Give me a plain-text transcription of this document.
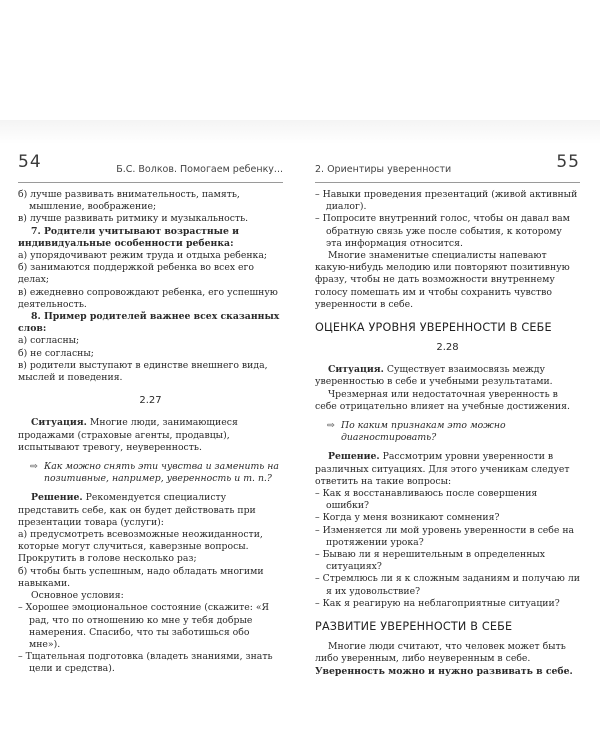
54	Б.С. Волков. Помогаем ребенку...

б) лучше развивать внимательность, память, мышление, воображение;

в) лучше развивать ритмику и музыкальность.

7. Родители учитывают возрастные и индивидуальные особенности ребенка:

а) упорядочивают режим труда и отдыха ребенка;

б) занимаются поддержкой ребенка во всех его делах;

в) ежедневно сопровождают ребенка, его успешную деятельность.

8. Пример родителей важнее всех сказанных слов:

а) согласны;

б) не согласны;

в) родители выступают в единстве внешнего вида, мыслей и поведения.

2.27

Ситуация. Многие люди, занимающиеся продажами (страховые агенты, продавцы), испытывают тревогу, неуверенность.

⇨ Как можно снять эти чувства и заменить на позитивные, например, уверенность и т. п.?

Решение. Рекомендуется специалисту представить себе, как он будет действовать при презентации товара (услуги):

а) предусмотреть всевозможные неожиданности, которые могут случиться, каверзные вопросы. Прокрутить в голове несколько раз;

б) чтобы быть успешным, надо обладать многими навыками.

Основное условия:

– Хорошее эмоциональное состояние (скажите: «Я рад, что по отношению ко мне у тебя добрые намерения. Спасибо, что ты заботишься обо мне»).

– Тщательная подготовка (владеть знаниями, знать цели и средства).

2. Ориентиры уверенности	55

– Навыки проведения презентаций (живой активный диалог).

– Попросите внутренний голос, чтобы он давал вам обратную связь уже после события, к которому эта информация относится.

Многие знаменитые специалисты напевают какую-нибудь мелодию или повторяют позитивную фразу, чтобы не дать возможности внутреннему голосу помешать им и чтобы сохранить чувство уверенности в себе.

ОЦЕНКА УРОВНЯ УВЕРЕННОСТИ В СЕБЕ

2.28

Ситуация. Существует взаимосвязь между уверенностью в себе и учебными результатами.

Чрезмерная или недостаточная уверенность в себе отрицательно влияет на учебные достижения.

⇨ По каким признакам это можно диагностировать?

Решение. Рассмотрим уровни уверенности в различных ситуациях. Для этого ученикам следует ответить на такие вопросы:

– Как я восстанавливаюсь после совершения ошибки?

– Когда у меня возникают сомнения?

– Изменяется ли мой уровень уверенности в себе на протяжении урока?

– Бываю ли я нерешительным в определенных ситуациях?

– Стремлюсь ли я к сложным заданиям и получаю ли я их удовольствие?

– Как я реагирую на неблагоприятные ситуации?

РАЗВИТИЕ УВЕРЕННОСТИ В СЕБЕ

Многие люди считают, что человек может быть либо уверенным, либо неуверенным в себе. Уверенность можно и нужно развивать в себе.
